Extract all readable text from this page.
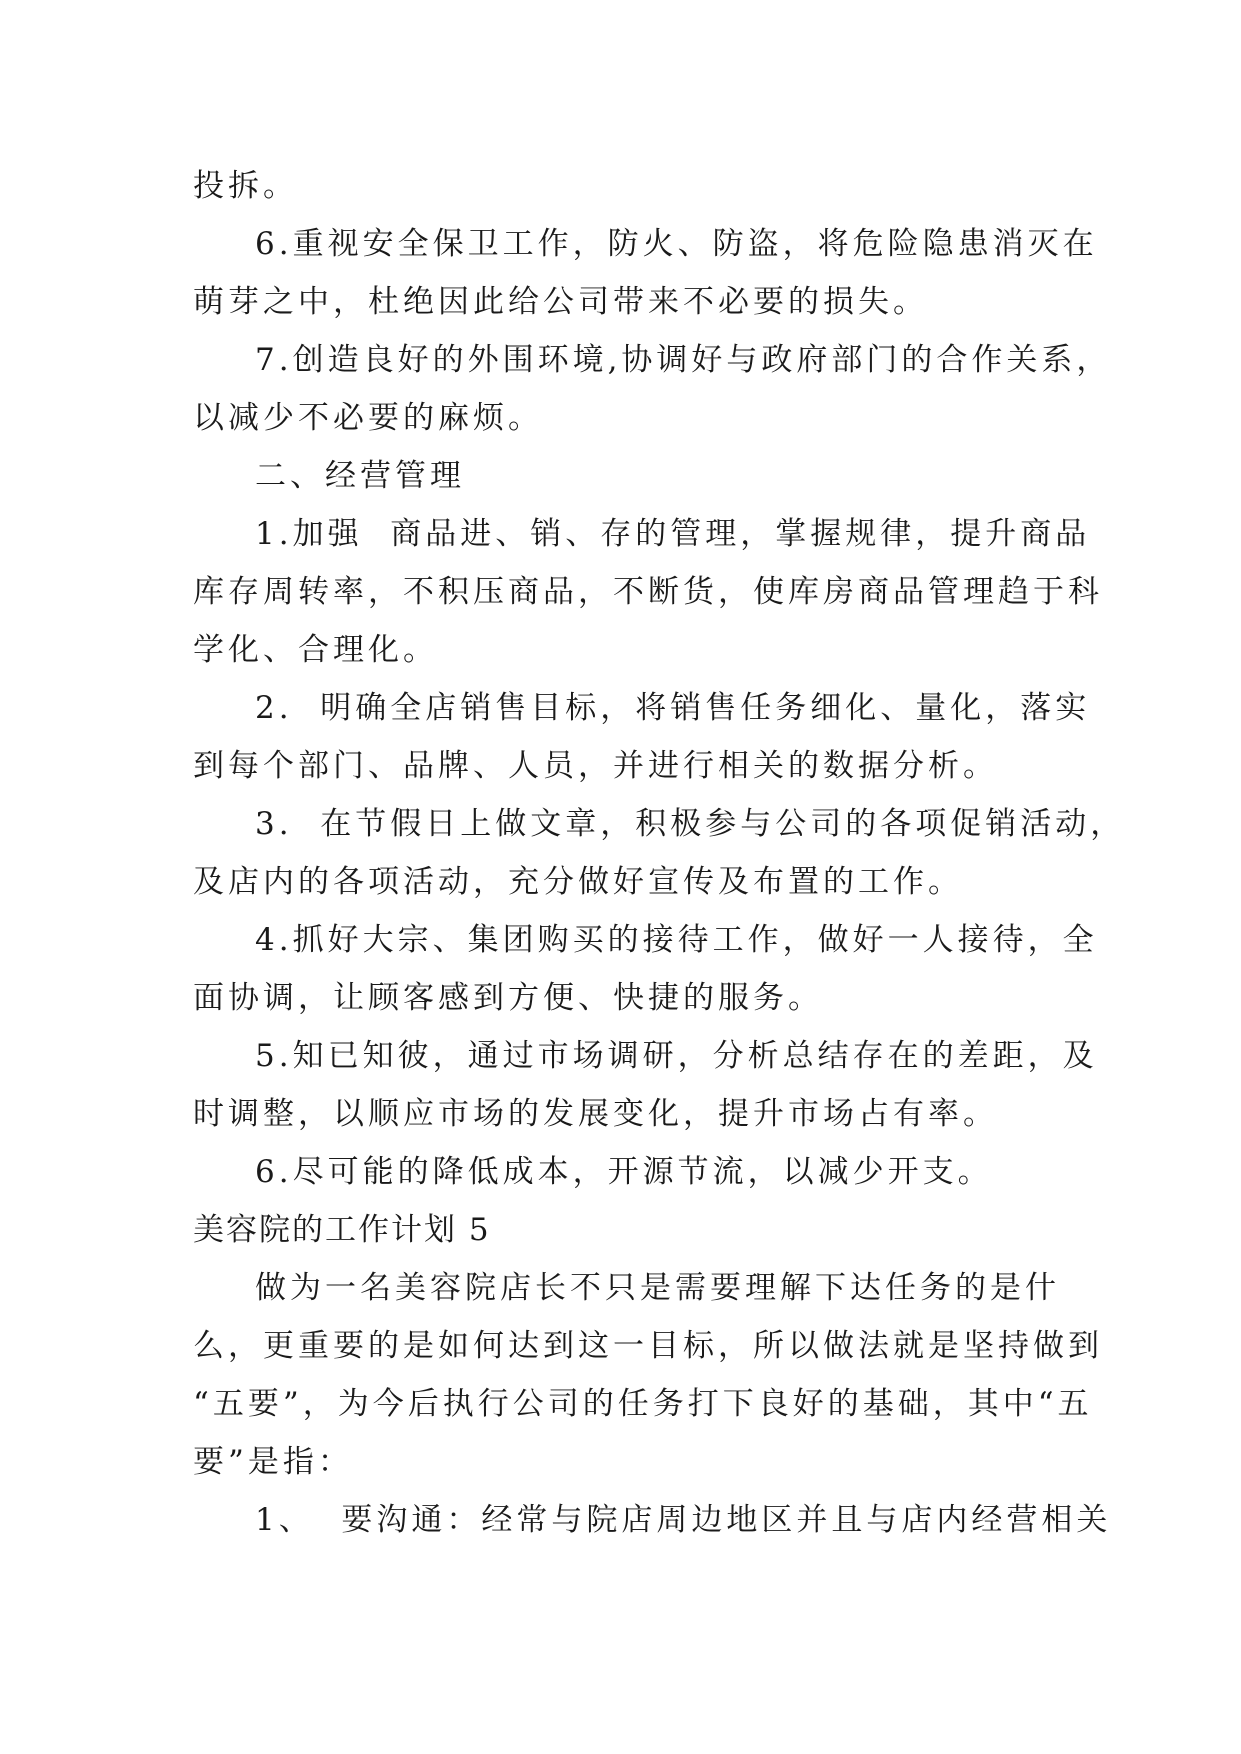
投拆。

6.重视安全保卫工作，防火、防盗，将危险隐患消灭在

萌芽之中，杜绝因此给公司带来不必要的损失。

7.创造良好的外围环境,协调好与政府部门的合作关系，

以减少不必要的麻烦。

二、经营管理

1.加强  商品进、销、存的管理，掌握规律，提升商品

库存周转率，不积压商品，不断货，使库房商品管理趋于科

学化、合理化。

2.  明确全店销售目标，将销售任务细化、量化，落实

到每个部门、品牌、人员，并进行相关的数据分析。

3.  在节假日上做文章，积极参与公司的各项促销活动，

及店内的各项活动，充分做好宣传及布置的工作。

4.抓好大宗、集团购买的接待工作，做好一人接待，全

面协调，让顾客感到方便、快捷的服务。

5.知已知彼，通过市场调研，分析总结存在的差距，及

时调整，以顺应市场的发展变化，提升市场占有率。

6.尽可能的降低成本，开源节流，以减少开支。

美容院的工作计划 5

做为一名美容院店长不只是需要理解下达任务的是什

么，更重要的是如何达到这一目标，所以做法就是坚持做到

“五要”，为今后执行公司的任务打下良好的基础，其中“五

要”是指：

1、  要沟通：经常与院店周边地区并且与店内经营相关
